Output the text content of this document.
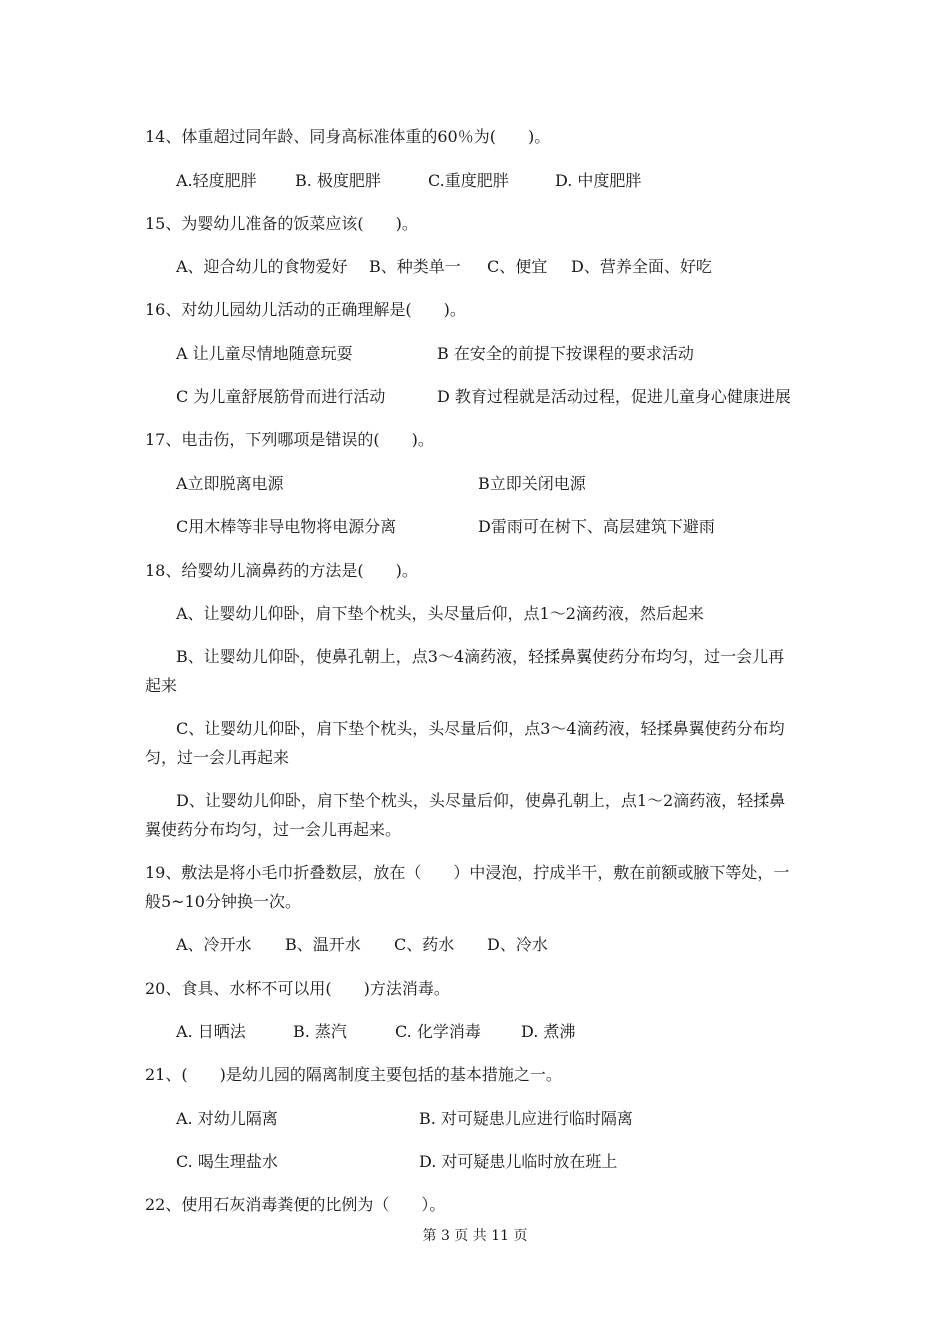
14、体重超过同年龄、同身高标准体重的60％为(　　)。
A.轻度肥胖 B. 极度肥胖	C.重度肥胖	D. 中度肥胖
15、为婴幼儿准备的饭菜应该(　　)。
A、迎合幼儿的食物爱好 B、种类单一 C、便宜 D、营养全面、好吃
16、对幼儿园幼儿活动的正确理解是(　　)。
A 让儿童尽情地随意玩耍	B 在安全的前提下按课程的要求活动
C 为儿童舒展筋骨而进行活动	D 教育过程就是活动过程，促进儿童身心健康进展
17、电击伤，下列哪项是错误的(　　)。
A立即脱离电源	B立即关闭电源
C用木棒等非导电物将电源分离	D雷雨可在树下、高层建筑下避雨
18、给婴幼儿滴鼻药的方法是(　　)。
A、让婴幼儿仰卧，肩下垫个枕头，头尽量后仰，点1～2滴药液，然后起来
B、让婴幼儿仰卧，使鼻孔朝上，点3～4滴药液，轻揉鼻翼使药分布均匀，过一会儿再
起来
C、让婴幼儿仰卧，肩下垫个枕头，头尽量后仰，点3～4滴药液，轻揉鼻翼使药分布均
匀，过一会儿再起来
D、让婴幼儿仰卧，肩下垫个枕头，头尽量后仰，使鼻孔朝上，点1～2滴药液，轻揉鼻
翼使药分布均匀，过一会儿再起来。
19、敷法是将小毛巾折叠数层，放在（　　）中浸泡，拧成半干，敷在前额或腋下等处，一
般5~10分钟换一次。
A、冷开水 B、温开水 C、药水 D、冷水
20、食具、水杯不可以用(　　)方法消毒。
A. 日晒法	B. 蒸汽	C. 化学消毒	D. 煮沸
21、(　　)是幼儿园的隔离制度主要包括的基本措施之一。
A. 对幼儿隔离	B. 对可疑患儿应进行临时隔离
C. 喝生理盐水	D. 对可疑患儿临时放在班上
22、使用石灰消毒粪便的比例为（　　）。
第 3 页 共 11 页
